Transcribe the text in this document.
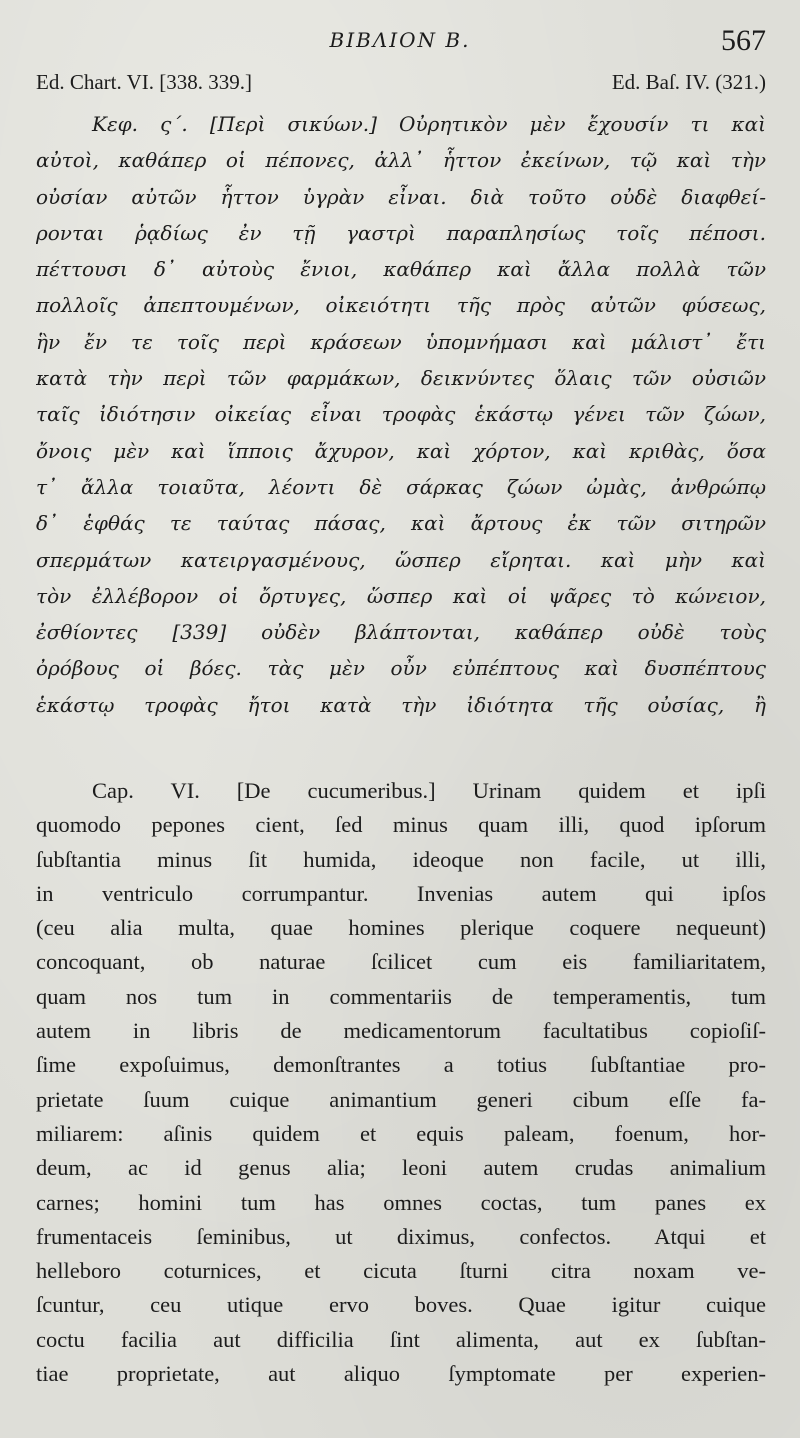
ΒΙΒΛΙΟΝ Β.	567
Ed. Chart. VI. [338. 339.]	Ed. Baſ. IV. (321.)
Κεφ. ς΄. [Περὶ σικύων.] Οὐρητικὸν μὲν ἔχουσίν τι καὶ
αὐτοὶ, καθάπερ οἱ πέπονες, ἀλλ᾽ ἧττον ἐκείνων, τῷ καὶ τὴν
οὐσίαν αὐτῶν ἧττον ὑγρὰν εἶναι. διὰ τοῦτο οὐδὲ διαφθεί-
ρονται ῥᾳδίως ἐν τῇ γαστρὶ παραπλησίως τοῖς πέποσι.
πέττουσι δ᾽ αὐτοὺς ἔνιοι, καθάπερ καὶ ἄλλα πολλὰ τῶν
πολλοῖς ἀπεπτουμένων, οἰκειότητι τῆς πρὸς αὐτῶν φύσεως,
ἣν ἔν τε τοῖς περὶ κράσεων ὑπομνήμασι καὶ μάλιστ᾽ ἔτι
κατὰ τὴν περὶ τῶν φαρμάκων, δεικνύντες ὅλαις τῶν οὐσιῶν
ταῖς ἰδιότησιν οἰκείας εἶναι τροφὰς ἑκάστῳ γένει τῶν ζώων,
ὄνοις μὲν καὶ ἵπποις ἄχυρον, καὶ χόρτον, καὶ κριθὰς, ὅσα
τ᾽ ἄλλα τοιαῦτα, λέοντι δὲ σάρκας ζώων ὠμὰς, ἀνθρώπῳ
δ᾽ ἑφθάς τε ταύτας πάσας, καὶ ἄρτους ἐκ τῶν σιτηρῶν
σπερμάτων κατειργασμένους, ὥσπερ εἴρηται. καὶ μὴν καὶ
τὸν ἐλλέβορον οἱ ὄρτυγες, ὥσπερ καὶ οἱ ψᾶρες τὸ κώνειον,
ἐσθίοντες [339] οὐδὲν βλάπτονται, καθάπερ οὐδὲ τοὺς
ὀρόβους οἱ βόες. τὰς μὲν οὖν εὐπέπτους καὶ δυσπέπτους
ἑκάστῳ τροφὰς ἤτοι κατὰ τὴν ἰδιότητα τῆς οὐσίας, ἢ
Cap. VI. [De cucumeribus.] Urinam quidem et ipſi
quomodo pepones cient, ſed minus quam illi, quod ipſorum
ſubſtantia minus ſit humida, ideoque non facile, ut illi,
in ventriculo corrumpantur. Invenias autem qui ipſos
(ceu alia multa, quae homines plerique coquere nequeunt)
concoquant, ob naturae ſcilicet cum eis familiaritatem,
quam nos tum in commentariis de temperamentis, tum
autem in libris de medicamentorum facultatibus copioſiſ-
ſime expoſuimus, demonſtrantes a totius ſubſtantiae pro-
prietate ſuum cuique animantium generi cibum eſſe fa-
miliarem: aſinis quidem et equis paleam, foenum, hor-
deum, ac id genus alia; leoni autem crudas animalium
carnes; homini tum has omnes coctas, tum panes ex
frumentaceis ſeminibus, ut diximus, confectos. Atqui et
helleboro coturnices, et cicuta ſturni citra noxam ve-
ſcuntur, ceu utique ervo boves. Quae igitur cuique
coctu facilia aut difficilia ſint alimenta, aut ex ſubſtan-
tiae proprietate, aut aliquo ſymptomate per experien-
